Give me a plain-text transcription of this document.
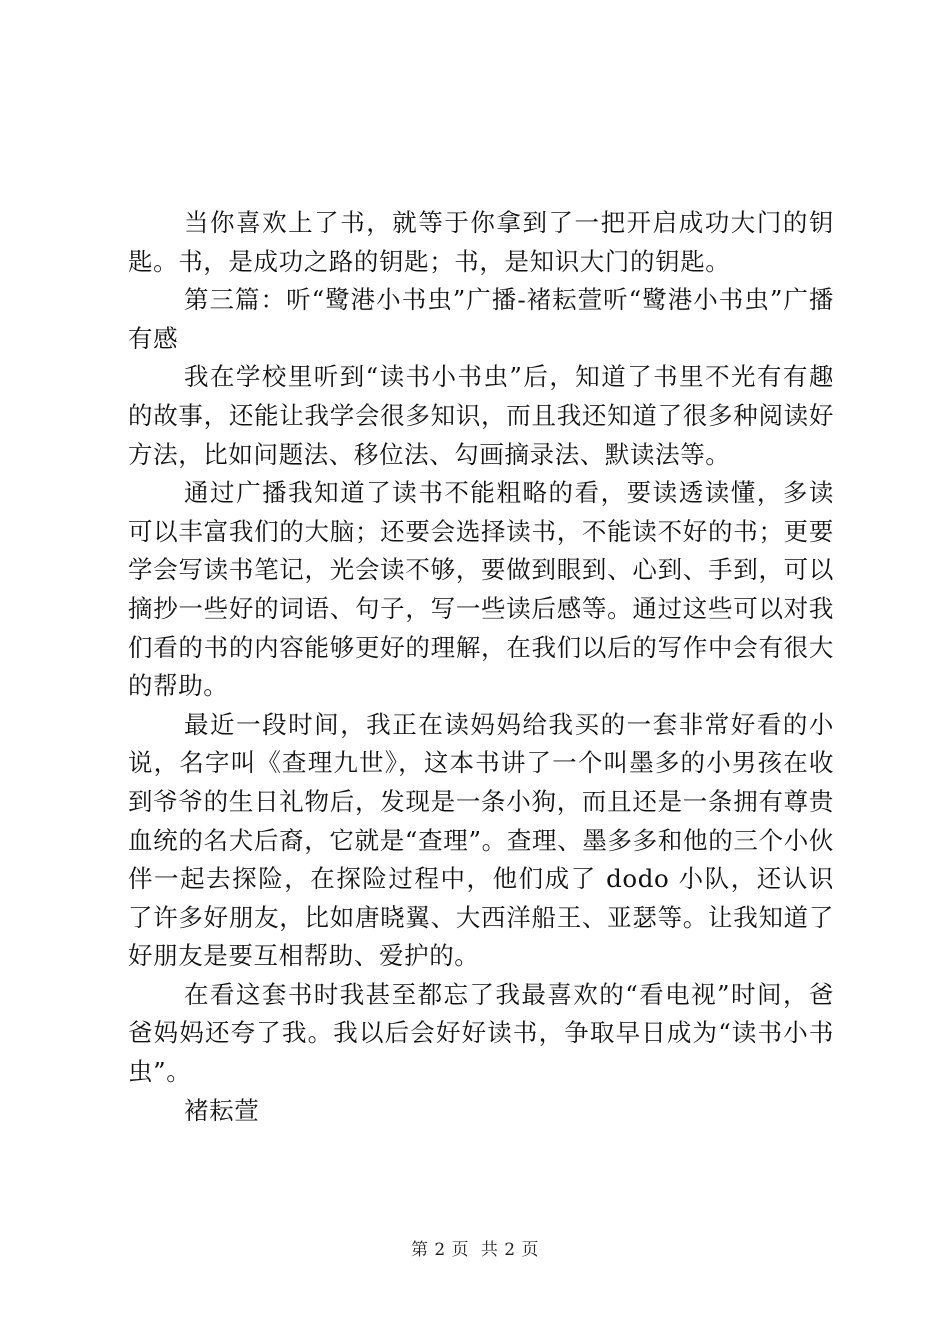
当你喜欢上了书，就等于你拿到了一把开启成功大门的钥匙。书，是成功之路的钥匙；书，是知识大门的钥匙。

第三篇：听“鹭港小书虫”广播-褚耘萱听“鹭港小书虫”广播有感

我在学校里听到“读书小书虫”后，知道了书里不光有有趣的故事，还能让我学会很多知识，而且我还知道了很多种阅读好方法，比如问题法、移位法、勾画摘录法、默读法等。

通过广播我知道了读书不能粗略的看，要读透读懂，多读可以丰富我们的大脑；还要会选择读书，不能读不好的书；更要学会写读书笔记，光会读不够，要做到眼到、心到、手到，可以摘抄一些好的词语、句子，写一些读后感等。通过这些可以对我们看的书的内容能够更好的理解，在我们以后的写作中会有很大的帮助。

最近一段时间，我正在读妈妈给我买的一套非常好看的小说，名字叫《查理九世》，这本书讲了一个叫墨多的小男孩在收到爷爷的生日礼物后，发现是一条小狗，而且还是一条拥有尊贵血统的名犬后裔，它就是“查理”。查理、墨多多和他的三个小伙伴一起去探险，在探险过程中，他们成了 dodo 小队，还认识了许多好朋友，比如唐晓翼、大西洋船王、亚瑟等。让我知道了好朋友是要互相帮助、爱护的。

在看这套书时我甚至都忘了我最喜欢的“看电视”时间，爸爸妈妈还夸了我。我以后会好好读书，争取早日成为“读书小书虫”。

褚耘萱

第 2 页 共 2 页
